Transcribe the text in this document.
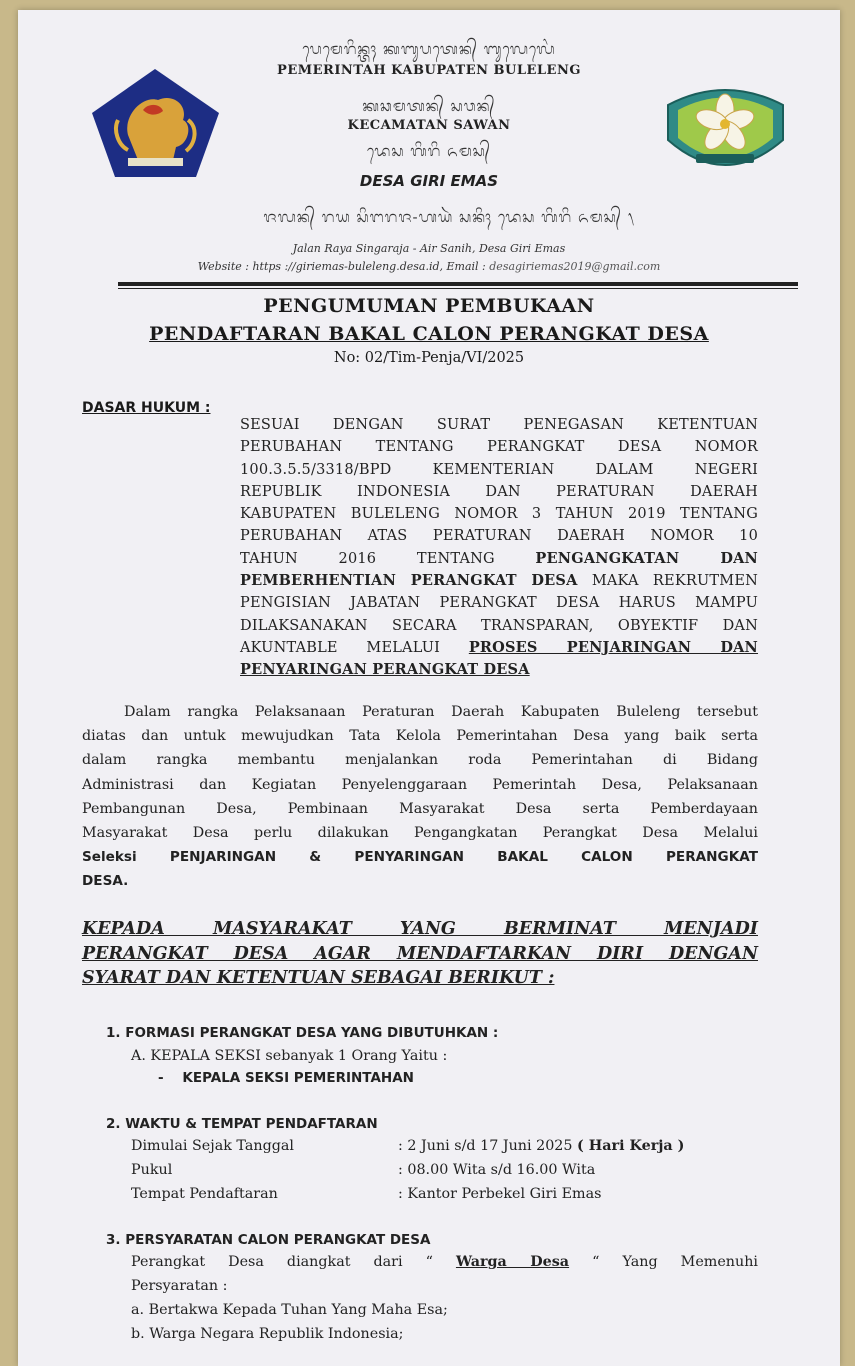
ᬧᬾᬫᬾᬭᬶᬦ᭄ᬢᬄ ᬓᬩᬸᬧᬢᬾᬦ᭄ ᬩᬸᬮᬾᬮᬾᬂ
PEMERINTAH KABUPATEN BULELENG
ᬓᬘᬫᬢᬦ᭄ ᬲᬯᬦ᭄
KECAMATAN SAWAN
ᬤᬾᬲ ᬕᬶᬭᬶ ᬏᬫᬲ᭄
DESA GIRI EMAS
ᬚᬮᬦ᭄ ᬭᬬ ᬲᬶᬗᬭᬚ-ᬳᬬᬃ ᬲᬦᬶᬄ ᬤᬾᬲ ᬕᬶᬭᬶ ᬏᬫᬲ᭄ ᭞
Jalan Raya Singaraja - Air Sanih, Desa Giri Emas
Website : https ://giriemas-buleleng.desa.id, Email : desagiriemas2019@gmail.com
PENGUMUMAN PEMBUKAAN
PENDAFTARAN BAKAL CALON PERANGKAT DESA
No: 02/Tim-Penja/VI/2025
DASAR HUKUM :
SESUAI DENGAN SURAT PENEGASAN KETENTUAN
PERUBAHAN TENTANG PERANGKAT DESA NOMOR
100.3.5.5/3318/BPD KEMENTERIAN DALAM NEGERI
REPUBLIK INDONESIA DAN PERATURAN DAERAH
KABUPATEN BULELENG NOMOR 3 TAHUN 2019 TENTANG
PERUBAHAN ATAS PERATURAN DAERAH NOMOR 10
TAHUN 2016 TENTANG	PENGANGKATAN DAN
PEMBERHENTIAN PERANGKAT DESA MAKA REKRUTMEN
PENGISIAN JABATAN PERANGKAT DESA HARUS MAMPU
DILAKSANAKAN SECARA TRANSPARAN, OBYEKTIF DAN
AKUNTABLE MELALUI PROSES PENJARINGAN DAN
PENYARINGAN PERANGKAT DESA
Dalam rangka Pelaksanaan Peraturan Daerah Kabupaten Buleleng tersebut
diatas dan untuk mewujudkan Tata Kelola Pemerintahan Desa yang baik serta
dalam rangka membantu menjalankan roda Pemerintahan di Bidang
Administrasi dan Kegiatan Penyelenggaraan Pemerintah Desa, Pelaksanaan
Pembangunan Desa, Pembinaan Masyarakat Desa serta Pemberdayaan
Masyarakat Desa perlu dilakukan Pengangkatan Perangkat Desa Melalui
Seleksi PENJARINGAN & PENYARINGAN BAKAL CALON PERANGKAT
DESA.
KEPADA MASYARAKAT YANG BERMINAT MENJADI
PERANGKAT DESA AGAR MENDAFTARKAN DIRI DENGAN
SYARAT DAN KETENTUAN SEBAGAI BERIKUT :
1. FORMASI PERANGKAT DESA YANG DIBUTUHKAN :
A. KEPALA SEKSI sebanyak 1 Orang Yaitu :
- KEPALA SEKSI PEMERINTAHAN
2. WAKTU & TEMPAT PENDAFTARAN
Dimulai Sejak Tanggal	: 2 Juni s/d 17 Juni 2025 ( Hari Kerja )
Pukul	: 08.00 Wita s/d 16.00 Wita
Tempat Pendaftaran	: Kantor Perbekel Giri Emas
3. PERSYARATAN CALON PERANGKAT DESA
Perangkat Desa diangkat dari “ Warga Desa “ Yang Memenuhi
Persyaratan :
a. Bertakwa Kepada Tuhan Yang Maha Esa;
b. Warga Negara Republik Indonesia;
